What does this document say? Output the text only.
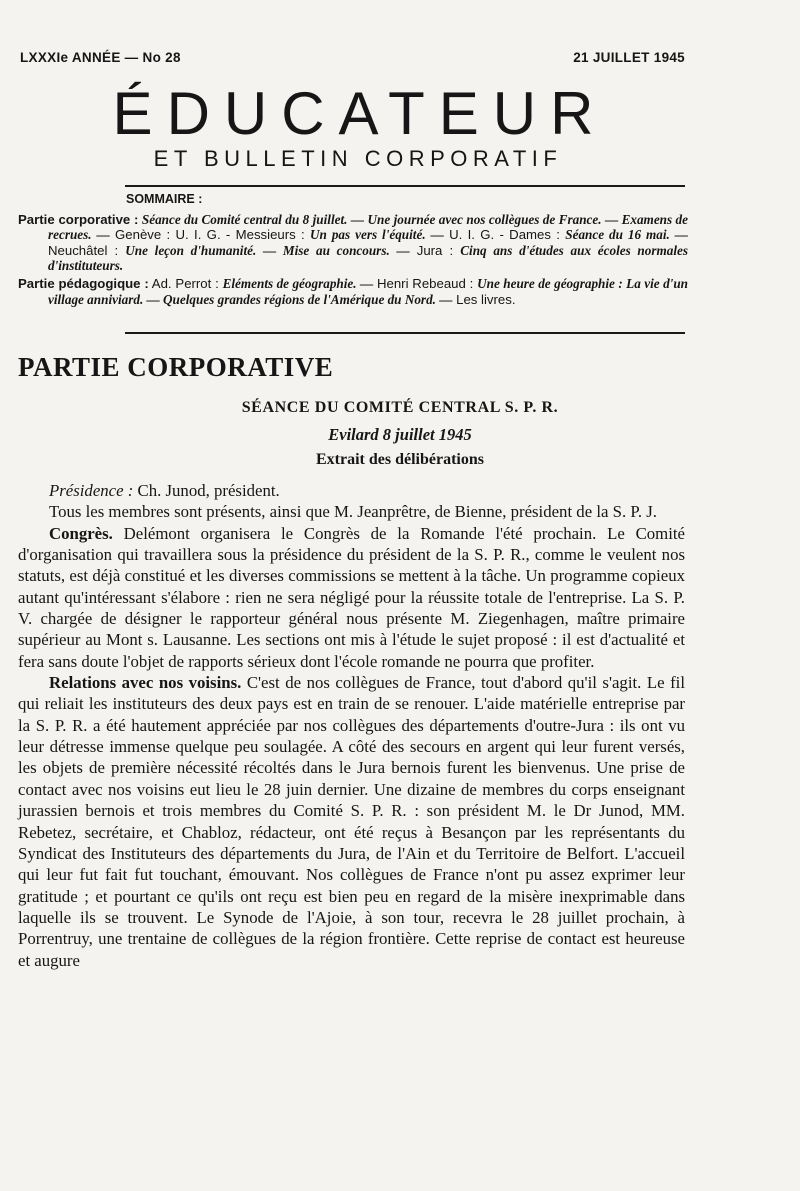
LXXXIe ANNÉE — No 28	21 JUILLET 1945
ÉDUCATEUR
ET BULLETIN CORPORATIF
SOMMAIRE :

Partie corporative : Séance du Comité central du 8 juillet. — Une journée avec nos collègues de France. — Examens de recrues. — Genève : U. I. G. - Messieurs : Un pas vers l'équité. — U. I. G. - Dames : Séance du 16 mai. — Neuchâtel : Une leçon d'humanité. — Mise au concours. — Jura : Cinq ans d'études aux écoles normales d'instituteurs.

Partie pédagogique : Ad. Perrot : Eléments de géographie. — Henri Rebeaud : Une heure de géographie : La vie d'un village anniviard. — Quelques grandes régions de l'Amérique du Nord. — Les livres.

PARTIE CORPORATIVE
SÉANCE DU COMITÉ CENTRAL S. P. R.
Evilard 8 juillet 1945
Extrait des délibérations

Présidence : Ch. Junod, président.

Tous les membres sont présents, ainsi que M. Jeanprêtre, de Bienne, président de la S. P. J.

Congrès. Delémont organisera le Congrès de la Romande l'été prochain. Le Comité d'organisation qui travaillera sous la présidence du président de la S. P. R., comme le veulent nos statuts, est déjà constitué et les diverses commissions se mettent à la tâche. Un programme copieux autant qu'intéressant s'élabore : rien ne sera négligé pour la réussite totale de l'entreprise. La S. P. V. chargée de désigner le rapporteur général nous présente M. Ziegenhagen, maître primaire supérieur au Mont s. Lausanne. Les sections ont mis à l'étude le sujet proposé : il est d'actualité et fera sans doute l'objet de rapports sérieux dont l'école romande ne pourra que profiter.

Relations avec nos voisins. C'est de nos collègues de France, tout d'abord qu'il s'agit. Le fil qui reliait les instituteurs des deux pays est en train de se renouer. L'aide matérielle entreprise par la S. P. R. a été hautement appréciée par nos collègues des départements d'outre-Jura : ils ont vu leur détresse immense quelque peu soulagée. A côté des secours en argent qui leur furent versés, les objets de première nécessité récoltés dans le Jura bernois furent les bienvenus. Une prise de contact avec nos voisins eut lieu le 28 juin dernier. Une dizaine de membres du corps enseignant jurassien bernois et trois membres du Comité S. P. R. : son président M. le Dr Junod, MM. Rebetez, secrétaire, et Chabloz, rédacteur, ont été reçus à Besançon par les représentants du Syndicat des Instituteurs des départements du Jura, de l'Ain et du Territoire de Belfort. L'accueil qui leur fut fait fut touchant, émouvant. Nos collègues de France n'ont pu assez exprimer leur gratitude ; et pourtant ce qu'ils ont reçu est bien peu en regard de la misère inexprimable dans laquelle ils se trouvent. Le Synode de l'Ajoie, à son tour, recevra le 28 juillet prochain, à Porrentruy, une trentaine de collègues de la région frontière. Cette reprise de contact est heureuse et augure
